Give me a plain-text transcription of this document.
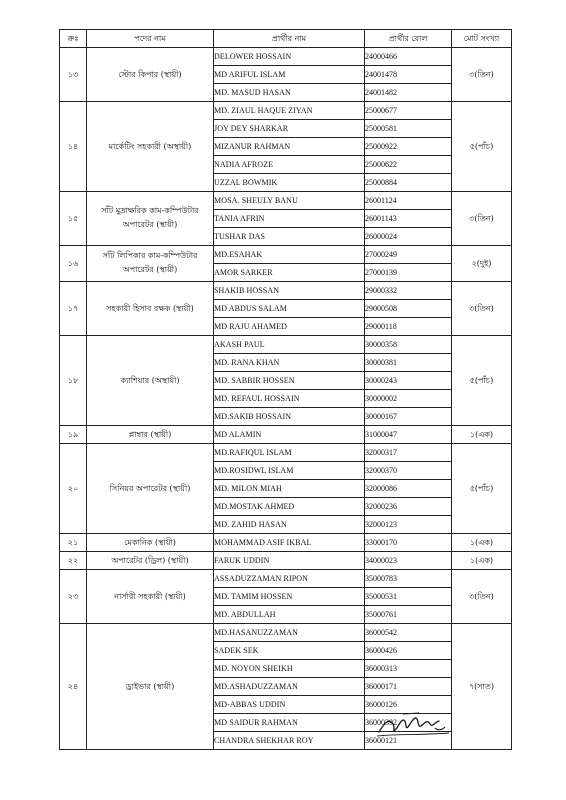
ক্রঃ	পদের নাম	প্রার্থীর নাম	প্রার্থীর রোল	মোট সংখ্যা
১৩	স্টোর কিপার (স্থায়ী)	DELOWER HOSSAIN	24000466	৩(তিন)
		MD ARIFUL ISLAM	24001478	
		MD. MASUD HASAN	24001482	
১৪	মার্কেটিং সহকারী (অস্থায়ী)	MD. ZIAUL HAQUE ZIYAN	25000677	৫(পাঁচ)
		JOY DEY SHARKAR	25000581	
		MIZANUR RAHMAN	25000922	
		NADIA AFROZE	25000622	
		UZZAL BOWMIK	25000884	
১৫	সাঁট মুদ্রাক্ষরিক কাম-কম্পিউটার অপারেটর (স্থায়ী)	MOSA. SHEULY BANU	26001124	৩(তিন)
		TANIA AFRIN	26001143	
		TUSHAR DAS	26000024	
১৬	সাঁট লিপিকার কাম-কম্পিউটার অপারেটর (স্থায়ী)	MD.ESAHAK	27000249	২(দুই)
		AMOR SARKER	27000139	
১৭	সহকারী হিসাব রক্ষক (স্থায়ী)	SHAKIB HOSSAN	29000332	৩(তিন)
		MD ABDUS SALAM	29000508	
		MD RAJU AHAMED	29000118	
১৮	ক্যাশিয়ার (অস্থায়ী)	AKASH PAUL	30000358	৫(পাঁচ)
		MD. RANA KHAN	30000381	
		MD. SABBIR HOSSEN	30000243	
		MD. REFAUL HOSSAIN	30000002	
		MD.SAKIB HOSSAIN	30000167	
১৯	প্লাম্বার (স্থায়ী)	MD ALAMIN	31000047	১(এক)
২০	সিনিয়র অপারেটর (স্থায়ী)	MD.RAFIQUL ISLAM	32000317	৫(পাঁচ)
		MD.ROSIDWL ISLAM	32000370	
		MD. MILON MIAH	32000086	
		MD.MOSTAK AHMED	32000236	
		MD. ZAHID HASAN	32000123	
২১	মেকানিক (স্থায়ী)	MOHAMMAD ASIF IKBAL	33000170	১(এক)
২২	অপারেটর (ড্রিল) (স্থায়ী)	FARUK UDDIN	34000023	১(এক)
২৩	নার্সারী সহকারী (স্থায়ী)	ASSADUZZAMAN RIPON	35000783	৩(তিন)
		MD. TAMIM HOSSEN	35000531	
		MD. ABDULLAH	35000761	
২৪	ড্রাইভার (স্থায়ী)	MD.HASANUZZAMAN	36000542	৭(সাত)
		SADEK SEK	36000426	
		MD. NOYON SHEIKH	36000313	
		MD.ASHADUZZAMAN	36000171	
		MD-ABBAS UDDIN	36000126	
		MD SAIDUR RAHMAN	36000392	
		CHANDRA SHEKHAR ROY	36000121	
